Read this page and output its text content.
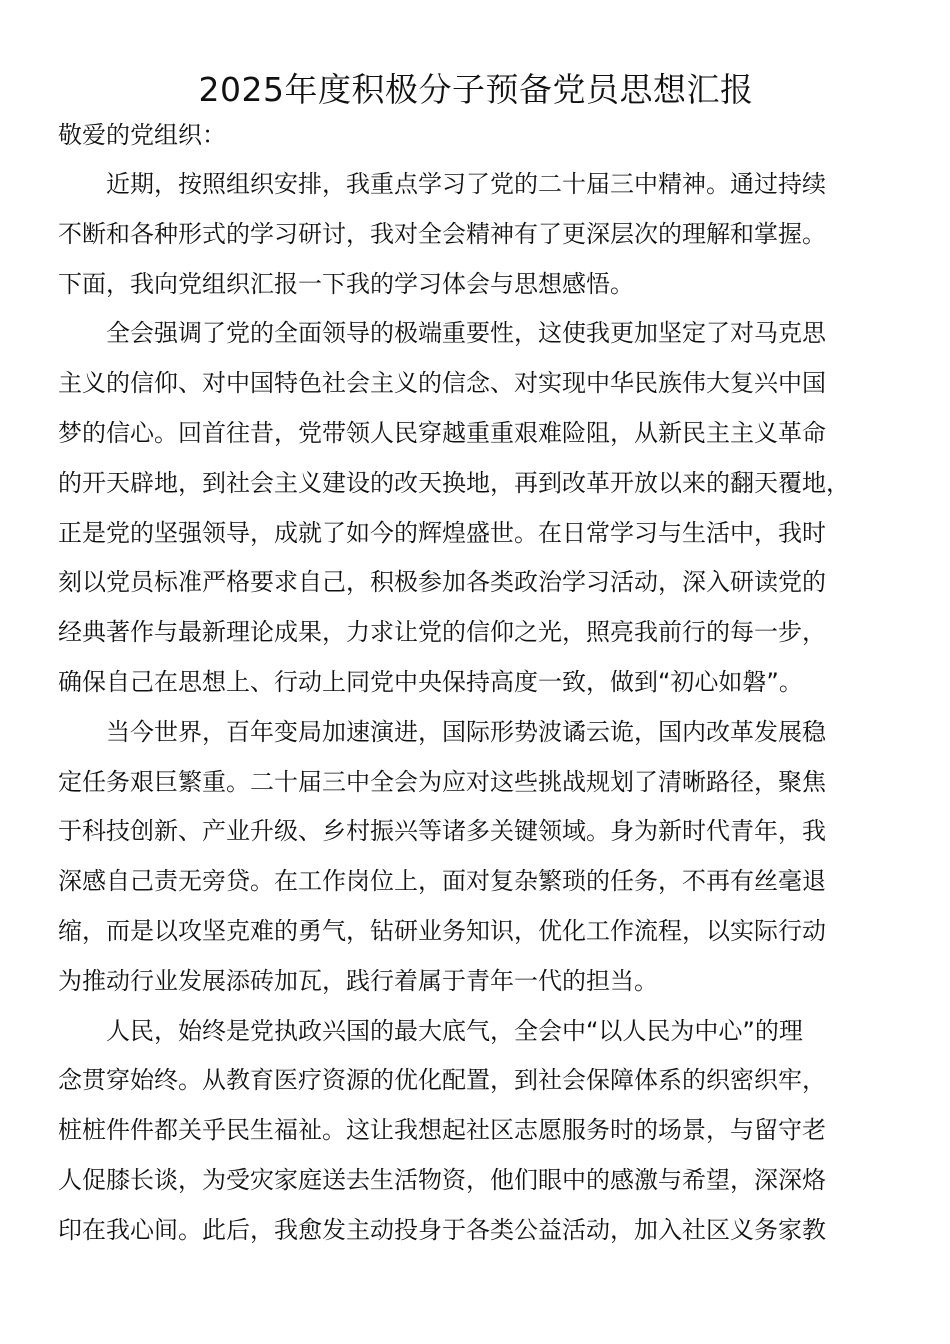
2025年度积极分子预备党员思想汇报
敬爱的党组织：
近期，按照组织安排，我重点学习了党的二十届三中精神。通过持续
不断和各种形式的学习研讨，我对全会精神有了更深层次的理解和掌握。
下面，我向党组织汇报一下我的学习体会与思想感悟。
全会强调了党的全面领导的极端重要性，这使我更加坚定了对马克思
主义的信仰、对中国特色社会主义的信念、对实现中华民族伟大复兴中国
梦的信心。回首往昔，党带领人民穿越重重艰难险阻，从新民主主义革命
的开天辟地，到社会主义建设的改天换地，再到改革开放以来的翻天覆地，
正是党的坚强领导，成就了如今的辉煌盛世。在日常学习与生活中，我时
刻以党员标准严格要求自己，积极参加各类政治学习活动，深入研读党的
经典著作与最新理论成果，力求让党的信仰之光，照亮我前行的每一步，
确保自己在思想上、行动上同党中央保持高度一致，做到“初心如磐”。
当今世界，百年变局加速演进，国际形势波谲云诡，国内改革发展稳
定任务艰巨繁重。二十届三中全会为应对这些挑战规划了清晰路径，聚焦
于科技创新、产业升级、乡村振兴等诸多关键领域。身为新时代青年，我
深感自己责无旁贷。在工作岗位上，面对复杂繁琐的任务，不再有丝毫退
缩，而是以攻坚克难的勇气，钻研业务知识，优化工作流程，以实际行动
为推动行业发展添砖加瓦，践行着属于青年一代的担当。
人民，始终是党执政兴国的最大底气，全会中“以人民为中心”的理
念贯穿始终。从教育医疗资源的优化配置，到社会保障体系的织密织牢，
桩桩件件都关乎民生福祉。这让我想起社区志愿服务时的场景，与留守老
人促膝长谈，为受灾家庭送去生活物资，他们眼中的感激与希望，深深烙
印在我心间。此后，我愈发主动投身于各类公益活动，加入社区义务家教
